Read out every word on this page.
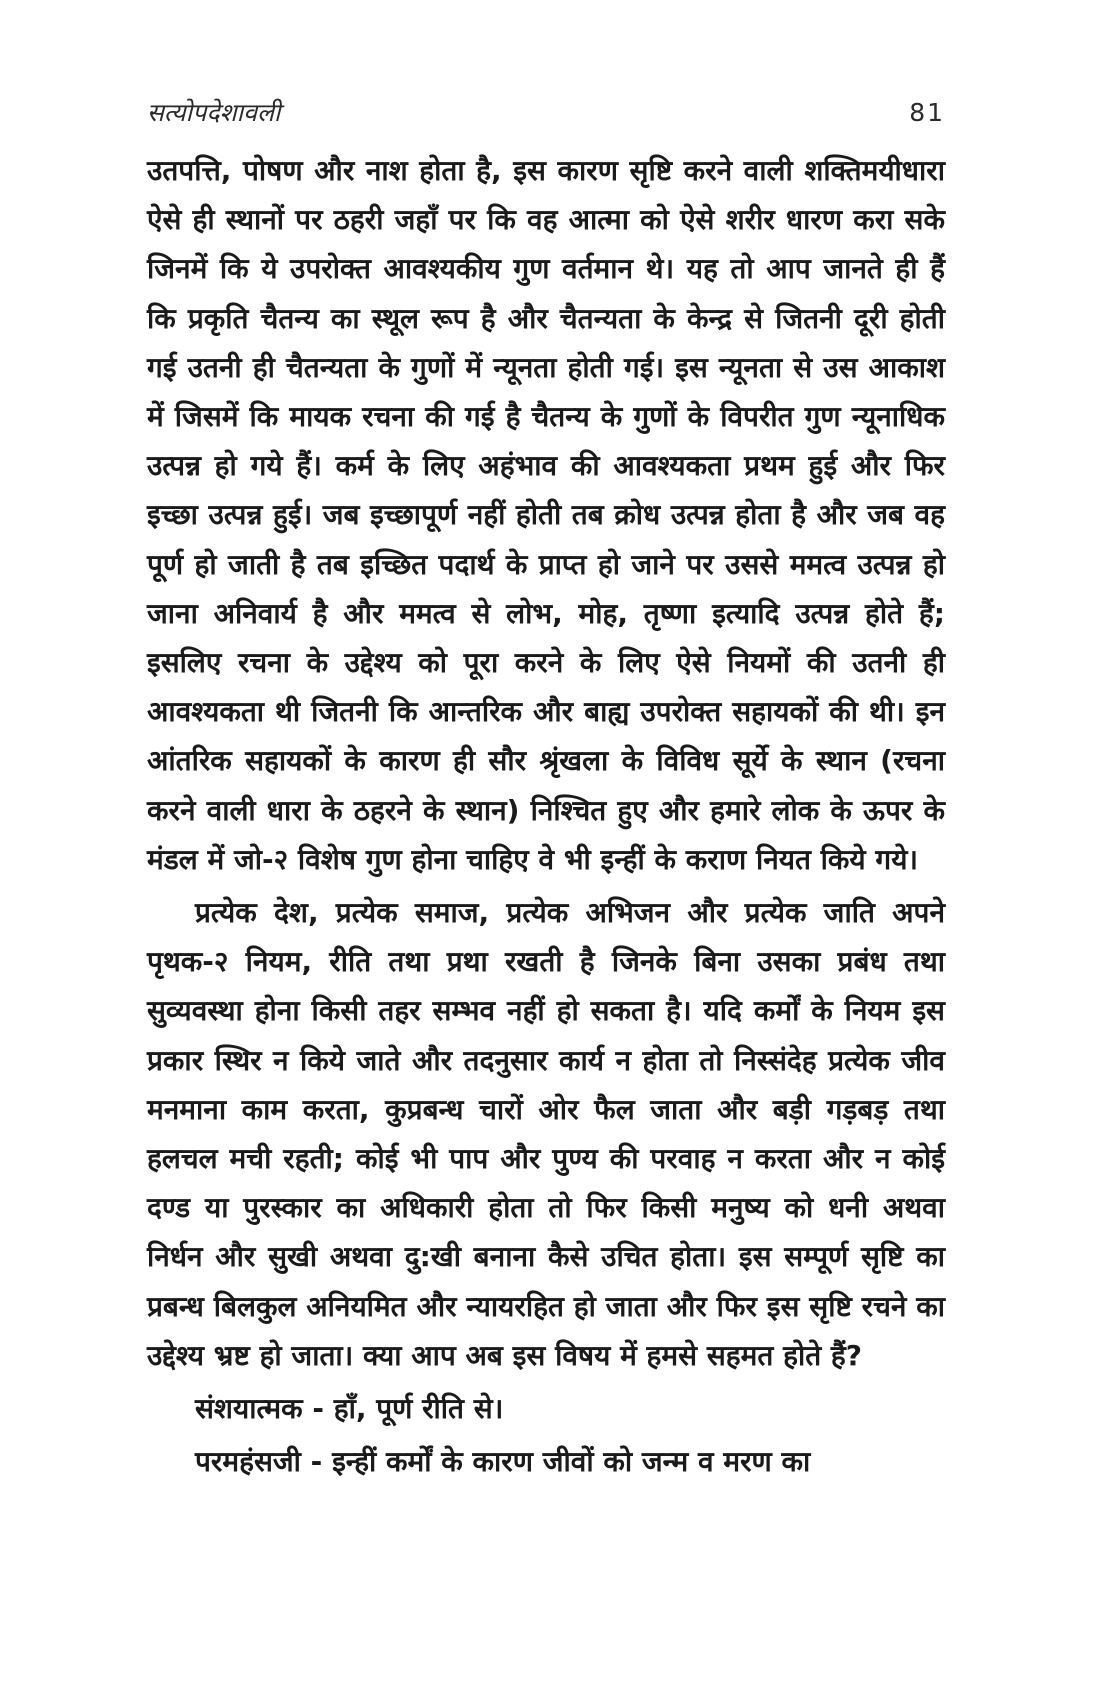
सत्योपदेशावली	81

उतपत्ति, पोषण और नाश होता है, इस कारण सृष्टि करने वाली शक्तिमयीधारा ऐसे ही स्थानों पर ठहरी जहाँ पर कि वह आत्मा को ऐसे शरीर धारण करा सके जिनमें कि ये उपरोक्त आवश्यकीय गुण वर्तमान थे। यह तो आप जानते ही हैं कि प्रकृति चैतन्य का स्थूल रूप है और चैतन्यता के केन्द्र से जितनी दूरी होती गई उतनी ही चैतन्यता के गुणों में न्यूनता होती गई। इस न्यूनता से उस आकाश में जिसमें कि मायक रचना की गई है चैतन्य के गुणों के विपरीत गुण न्यूनाधिक उत्पन्न हो गये हैं। कर्म के लिए अहंभाव की आवश्यकता प्रथम हुई और फिर इच्छा उत्पन्न हुई। जब इच्छापूर्ण नहीं होती तब क्रोध उत्पन्न होता है और जब वह पूर्ण हो जाती है तब इच्छित पदार्थ के प्राप्त हो जाने पर उससे ममत्व उत्पन्न हो जाना अनिवार्य है और ममत्व से लोभ, मोह, तृष्णा इत्यादि उत्पन्न होते हैं; इसलिए रचना के उद्देश्य को पूरा करने के लिए ऐसे नियमों की उतनी ही आवश्यकता थी जितनी कि आन्तरिक और बाह्य उपरोक्त सहायकों की थी। इन आंतरिक सहायकों के कारण ही सौर श्रृंखला के विविध सूर्ये के स्थान (रचना करने वाली धारा के ठहरने के स्थान) निश्चित हुए और हमारे लोक के ऊपर के मंडल में जो-२ विशेष गुण होना चाहिए वे भी इन्हीं के कराण नियत किये गये।

प्रत्येक देश, प्रत्येक समाज, प्रत्येक अभिजन और प्रत्येक जाति अपने पृथक-२ नियम, रीति तथा प्रथा रखती है जिनके बिना उसका प्रबंध तथा सुव्यवस्था होना किसी तहर सम्भव नहीं हो सकता है। यदि कर्मों के नियम इस प्रकार स्थिर न किये जाते और तदनुसार कार्य न होता तो निस्संदेह प्रत्येक जीव मनमाना काम करता, कुप्रबन्ध चारों ओर फैल जाता और बड़ी गड़बड़ तथा हलचल मची रहती; कोई भी पाप और पुण्य की परवाह न करता और न कोई दण्ड या पुरस्कार का अधिकारी होता तो फिर किसी मनुष्य को धनी अथवा निर्धन और सुखी अथवा दु:खी बनाना कैसे उचित होता। इस सम्पूर्ण सृष्टि का प्रबन्ध बिलकुल अनियमित और न्यायरहित हो जाता और फिर इस सृष्टि रचने का उद्देश्य भ्रष्ट हो जाता। क्या आप अब इस विषय में हमसे सहमत होते हैं?

संशयात्मक - हाँ, पूर्ण रीति से।

परमहंसजी - इन्हीं कर्मों के कारण जीवों को जन्म व मरण का
